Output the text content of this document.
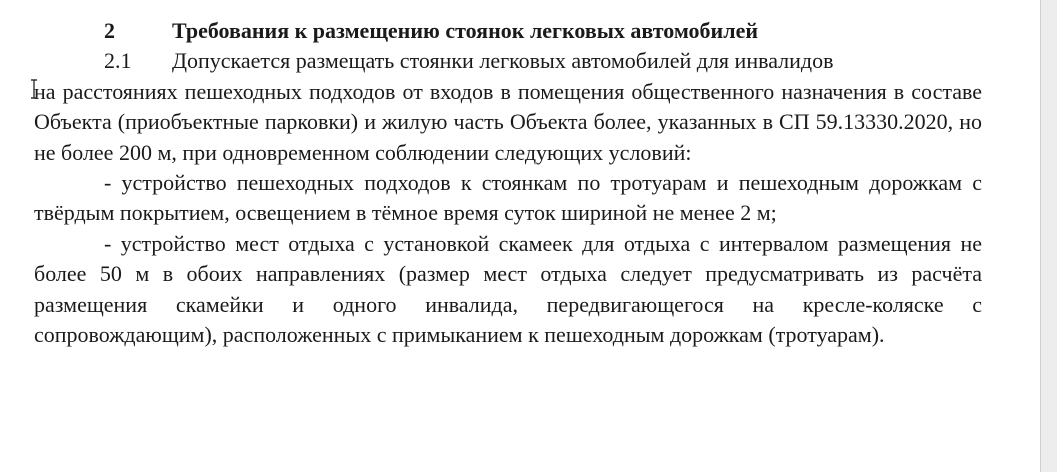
2	Требования к размещению стоянок легковых автомобилей
2.1 Допускается размещать стоянки легковых автомобилей для инвалидов

на расстояниях пешеходных подходов от входов в помещения общественного назначения в составе Объекта (приобъектные парковки) и жилую часть Объекта более, указанных в СП 59.13330.2020, но не более 200 м, при одновременном соблюдении следующих условий:

- устройство пешеходных подходов к стоянкам по тротуарам и пешеходным дорожкам с твёрдым покрытием, освещением в тёмное время суток шириной не менее 2 м;

- устройство мест отдыха с установкой скамеек для отдыха с интервалом размещения не более 50 м в обоих направлениях (размер мест отдыха следует предусматривать из расчёта размещения скамейки и одного инвалида, передвигающегося на кресле-коляске с сопровождающим), расположенных с примыканием к пешеходным дорожкам (тротуарам).
